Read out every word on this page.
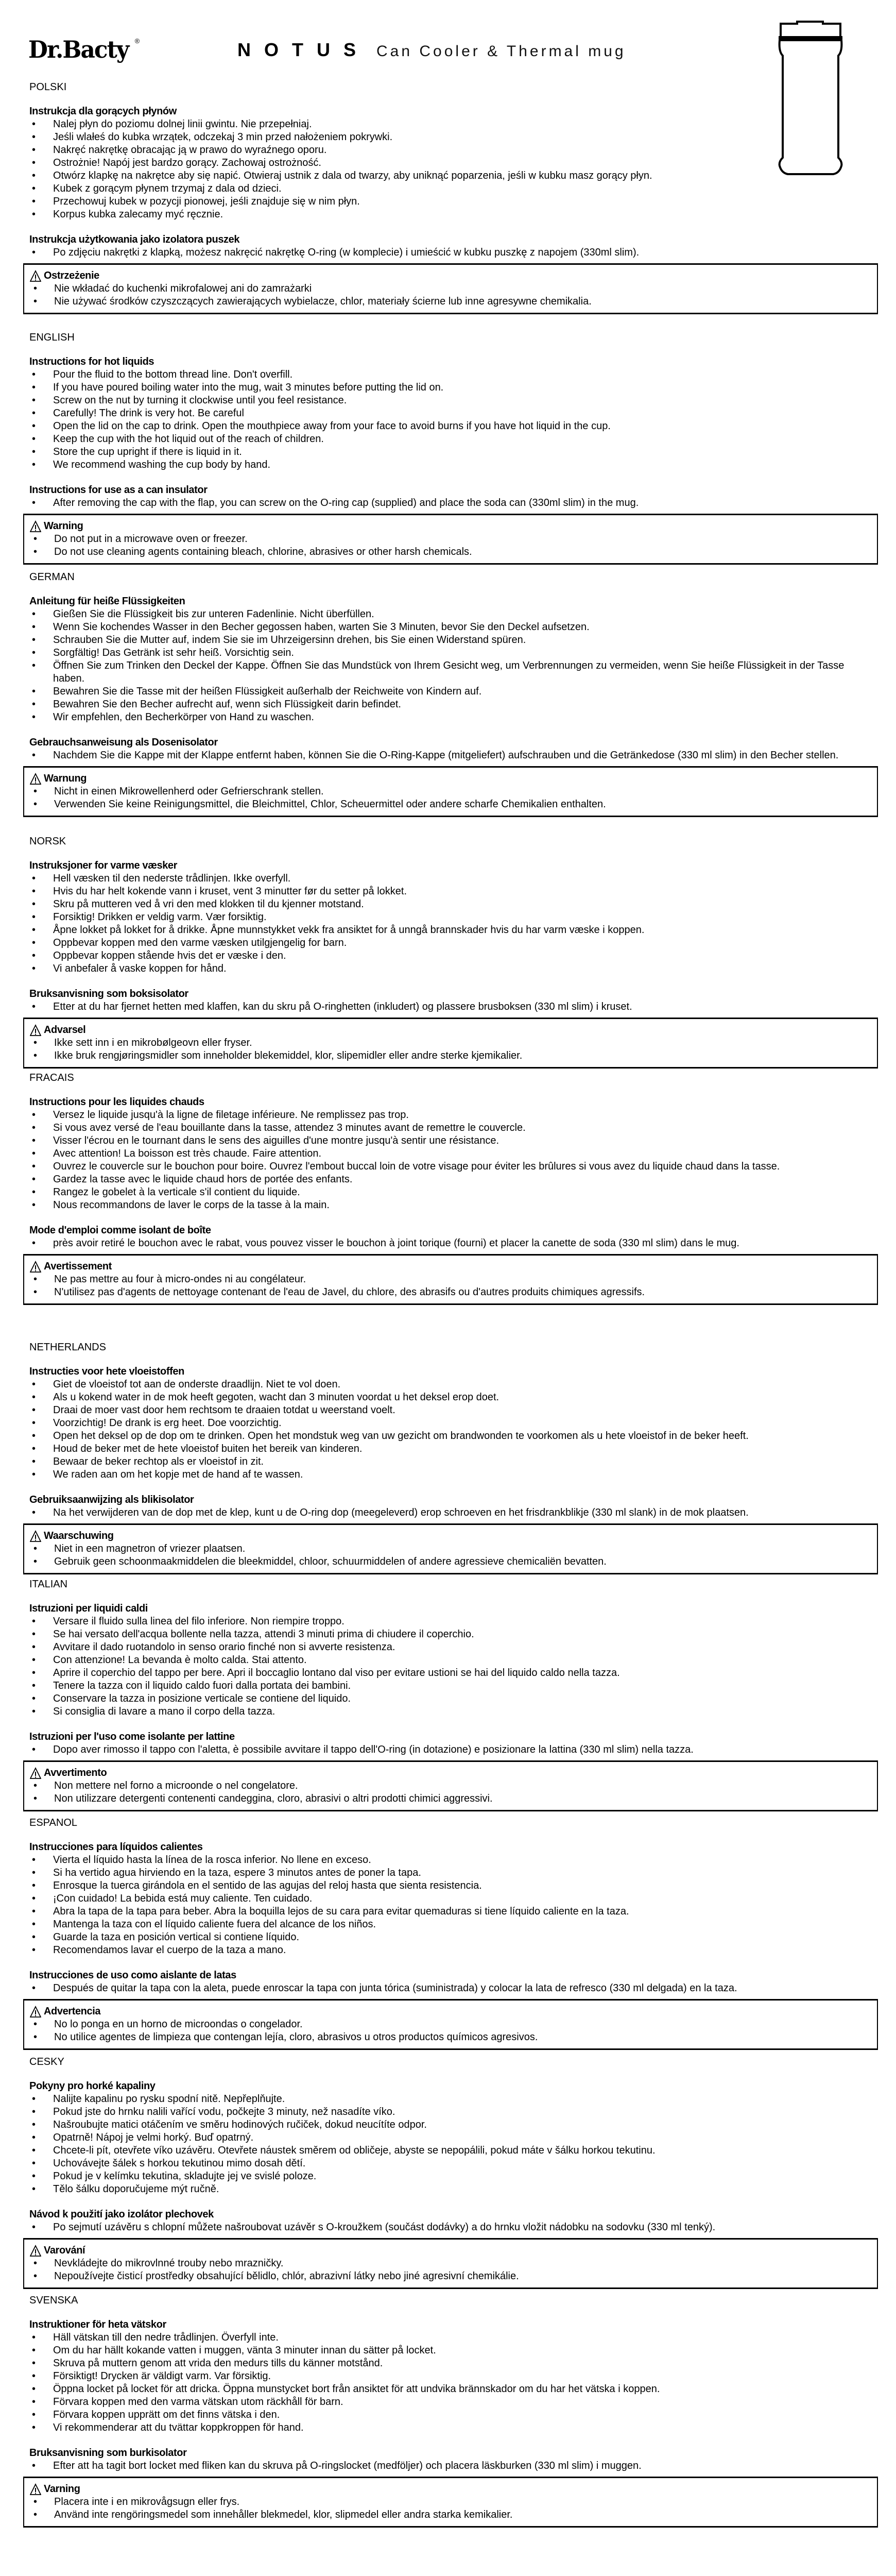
Dr.Bacty ®	NOTUS Can Cooler & Thermal mug
POLSKI
Instrukcja dla gorących płynów
• Nalej płyn do poziomu dolnej linii gwintu. Nie przepełniaj.
• Jeśli wlałeś do kubka wrzątek, odczekaj 3 min przed nałożeniem pokrywki.
• Nakręć nakrętkę obracając ją w prawo do wyraźnego oporu.
• Ostrożnie! Napój jest bardzo gorący. Zachowaj ostrożność.
• Otwórz klapkę na nakrętce aby się napić. Otwieraj ustnik z dala od twarzy, aby uniknąć poparzenia, jeśli w kubku masz gorący płyn.
• Kubek z gorącym płynem trzymaj z dala od dzieci.
• Przechowuj kubek w pozycji pionowej, jeśli znajduje się w nim płyn.
• Korpus kubka zalecamy myć ręcznie.
Instrukcja użytkowania jako izolatora puszek
• Po zdjęciu nakrętki z klapką, możesz nakręcić nakrętkę O-ring (w komplecie) i umieścić w kubku puszkę z napojem (330ml slim).
Ostrzeżenie
• Nie wkładać do kuchenki mikrofalowej ani do zamrażarki
• Nie używać środków czyszczących zawierających wybielacze, chlor, materiały ścierne lub inne agresywne chemikalia.
ENGLISH
Instructions for hot liquids
• Pour the fluid to the bottom thread line. Don't overfill.
• If you have poured boiling water into the mug, wait 3 minutes before putting the lid on.
• Screw on the nut by turning it clockwise until you feel resistance.
• Carefully! The drink is very hot. Be careful
• Open the lid on the cap to drink. Open the mouthpiece away from your face to avoid burns if you have hot liquid in the cup.
• Keep the cup with the hot liquid out of the reach of children.
• Store the cup upright if there is liquid in it.
• We recommend washing the cup body by hand.
Instructions for use as a can insulator
• After removing the cap with the flap, you can screw on the O-ring cap (supplied) and place the soda can (330ml slim) in the mug.
Warning
• Do not put in a microwave oven or freezer.
• Do not use cleaning agents containing bleach, chlorine, abrasives or other harsh chemicals.
GERMAN
Anleitung für heiße Flüssigkeiten
• Gießen Sie die Flüssigkeit bis zur unteren Fadenlinie. Nicht überfüllen.
• Wenn Sie kochendes Wasser in den Becher gegossen haben, warten Sie 3 Minuten, bevor Sie den Deckel aufsetzen.
• Schrauben Sie die Mutter auf, indem Sie sie im Uhrzeigersinn drehen, bis Sie einen Widerstand spüren.
• Sorgfältig! Das Getränk ist sehr heiß. Vorsichtig sein.
• Öffnen Sie zum Trinken den Deckel der Kappe. Öffnen Sie das Mundstück von Ihrem Gesicht weg, um Verbrennungen zu vermeiden, wenn Sie heiße Flüssigkeit in der Tasse haben.
• Bewahren Sie die Tasse mit der heißen Flüssigkeit außerhalb der Reichweite von Kindern auf.
• Bewahren Sie den Becher aufrecht auf, wenn sich Flüssigkeit darin befindet.
• Wir empfehlen, den Becherkörper von Hand zu waschen.
Gebrauchsanweisung als Dosenisolator
• Nachdem Sie die Kappe mit der Klappe entfernt haben, können Sie die O-Ring-Kappe (mitgeliefert) aufschrauben und die Getränkedose (330 ml slim) in den Becher stellen.
Warnung
• Nicht in einen Mikrowellenherd oder Gefrierschrank stellen.
• Verwenden Sie keine Reinigungsmittel, die Bleichmittel, Chlor, Scheuermittel oder andere scharfe Chemikalien enthalten.
NORSK
Instruksjoner for varme væsker
• Hell væsken til den nederste trådlinjen. Ikke overfyll.
• Hvis du har helt kokende vann i kruset, vent 3 minutter før du setter på lokket.
• Skru på mutteren ved å vri den med klokken til du kjenner motstand.
• Forsiktig! Drikken er veldig varm. Vær forsiktig.
• Åpne lokket på lokket for å drikke. Åpne munnstykket vekk fra ansiktet for å unngå brannskader hvis du har varm væske i koppen.
• Oppbevar koppen med den varme væsken utilgjengelig for barn.
• Oppbevar koppen stående hvis det er væske i den.
• Vi anbefaler å vaske koppen for hånd.
Bruksanvisning som boksisolator
• Etter at du har fjernet hetten med klaffen, kan du skru på O-ringhetten (inkludert) og plassere brusboksen (330 ml slim) i kruset.
Advarsel
• Ikke sett inn i en mikrobølgeovn eller fryser.
• Ikke bruk rengjøringsmidler som inneholder blekemiddel, klor, slipemidler eller andre sterke kjemikalier.
FRACAIS
Instructions pour les liquides chauds
• Versez le liquide jusqu'à la ligne de filetage inférieure. Ne remplissez pas trop.
• Si vous avez versé de l'eau bouillante dans la tasse, attendez 3 minutes avant de remettre le couvercle.
• Visser l'écrou en le tournant dans le sens des aiguilles d'une montre jusqu'à sentir une résistance.
• Avec attention! La boisson est très chaude. Faire attention.
• Ouvrez le couvercle sur le bouchon pour boire. Ouvrez l'embout buccal loin de votre visage pour éviter les brûlures si vous avez du liquide chaud dans la tasse.
• Gardez la tasse avec le liquide chaud hors de portée des enfants.
• Rangez le gobelet à la verticale s'il contient du liquide.
• Nous recommandons de laver le corps de la tasse à la main.
Mode d'emploi comme isolant de boîte
• près avoir retiré le bouchon avec le rabat, vous pouvez visser le bouchon à joint torique (fourni) et placer la canette de soda (330 ml slim) dans le mug.
Avertissement
• Ne pas mettre au four à micro-ondes ni au congélateur.
• N'utilisez pas d'agents de nettoyage contenant de l'eau de Javel, du chlore, des abrasifs ou d'autres produits chimiques agressifs.
NETHERLANDS
Instructies voor hete vloeistoffen
• Giet de vloeistof tot aan de onderste draadlijn. Niet te vol doen.
• Als u kokend water in de mok heeft gegoten, wacht dan 3 minuten voordat u het deksel erop doet.
• Draai de moer vast door hem rechtsom te draaien totdat u weerstand voelt.
• Voorzichtig! De drank is erg heet. Doe voorzichtig.
• Open het deksel op de dop om te drinken. Open het mondstuk weg van uw gezicht om brandwonden te voorkomen als u hete vloeistof in de beker heeft.
• Houd de beker met de hete vloeistof buiten het bereik van kinderen.
• Bewaar de beker rechtop als er vloeistof in zit.
• We raden aan om het kopje met de hand af te wassen.
Gebruiksaanwijzing als blikisolator
• Na het verwijderen van de dop met de klep, kunt u de O-ring dop (meegeleverd) erop schroeven en het frisdrankblikje (330 ml slank) in de mok plaatsen.
Waarschuwing
• Niet in een magnetron of vriezer plaatsen.
• Gebruik geen schoonmaakmiddelen die bleekmiddel, chloor, schuurmiddelen of andere agressieve chemicaliën bevatten.
ITALIAN
Istruzioni per liquidi caldi
• Versare il fluido sulla linea del filo inferiore. Non riempire troppo.
• Se hai versato dell'acqua bollente nella tazza, attendi 3 minuti prima di chiudere il coperchio.
• Avvitare il dado ruotandolo in senso orario finché non si avverte resistenza.
• Con attenzione! La bevanda è molto calda. Stai attento.
• Aprire il coperchio del tappo per bere. Apri il boccaglio lontano dal viso per evitare ustioni se hai del liquido caldo nella tazza.
• Tenere la tazza con il liquido caldo fuori dalla portata dei bambini.
• Conservare la tazza in posizione verticale se contiene del liquido.
• Si consiglia di lavare a mano il corpo della tazza.
Istruzioni per l'uso come isolante per lattine
• Dopo aver rimosso il tappo con l'aletta, è possibile avvitare il tappo dell'O-ring (in dotazione) e posizionare la lattina (330 ml slim) nella tazza.
Avvertimento
• Non mettere nel forno a microonde o nel congelatore.
• Non utilizzare detergenti contenenti candeggina, cloro, abrasivi o altri prodotti chimici aggressivi.
ESPANOL
Instrucciones para líquidos calientes
• Vierta el líquido hasta la línea de la rosca inferior. No llene en exceso.
• Si ha vertido agua hirviendo en la taza, espere 3 minutos antes de poner la tapa.
• Enrosque la tuerca girándola en el sentido de las agujas del reloj hasta que sienta resistencia.
• ¡Con cuidado! La bebida está muy caliente. Ten cuidado.
• Abra la tapa de la tapa para beber. Abra la boquilla lejos de su cara para evitar quemaduras si tiene líquido caliente en la taza.
• Mantenga la taza con el líquido caliente fuera del alcance de los niños.
• Guarde la taza en posición vertical si contiene líquido.
• Recomendamos lavar el cuerpo de la taza a mano.
Instrucciones de uso como aislante de latas
• Después de quitar la tapa con la aleta, puede enroscar la tapa con junta tórica (suministrada) y colocar la lata de refresco (330 ml delgada) en la taza.
Advertencia
• No lo ponga en un horno de microondas o congelador.
• No utilice agentes de limpieza que contengan lejía, cloro, abrasivos u otros productos químicos agresivos.
CESKY
Pokyny pro horké kapaliny
• Nalijte kapalinu po rysku spodní nitě. Nepřeplňujte.
• Pokud jste do hrnku nalili vařící vodu, počkejte 3 minuty, než nasadíte víko.
• Našroubujte matici otáčením ve směru hodinových ručiček, dokud neucítíte odpor.
• Opatrně! Nápoj je velmi horký. Buď opatrný.
• Chcete-li pít, otevřete víko uzávěru. Otevřete náustek směrem od obličeje, abyste se nepopálili, pokud máte v šálku horkou tekutinu.
• Uchovávejte šálek s horkou tekutinou mimo dosah dětí.
• Pokud je v kelímku tekutina, skladujte jej ve svislé poloze.
• Tělo šálku doporučujeme mýt ručně.
Návod k použití jako izolátor plechovek
• Po sejmutí uzávěru s chlopní můžete našroubovat uzávěr s O-kroužkem (součást dodávky) a do hrnku vložit nádobku na sodovku (330 ml tenký).
Varování
• Nevkládejte do mikrovlnné trouby nebo mrazničky.
• Nepoužívejte čisticí prostředky obsahující bělidlo, chlór, abrazivní látky nebo jiné agresivní chemikálie.
SVENSKA
Instruktioner för heta vätskor
• Häll vätskan till den nedre trådlinjen. Överfyll inte.
• Om du har hällt kokande vatten i muggen, vänta 3 minuter innan du sätter på locket.
• Skruva på muttern genom att vrida den medurs tills du känner motstånd.
• Försiktigt! Drycken är väldigt varm. Var försiktig.
• Öppna locket på locket för att dricka. Öppna munstycket bort från ansiktet för att undvika brännskador om du har het vätska i koppen.
• Förvara koppen med den varma vätskan utom räckhåll för barn.
• Förvara koppen upprätt om det finns vätska i den.
• Vi rekommenderar att du tvättar koppkroppen för hand.
Bruksanvisning som burkisolator
• Efter att ha tagit bort locket med fliken kan du skruva på O-ringslocket (medföljer) och placera läskburken (330 ml slim) i muggen.
Varning
• Placera inte i en mikrovågsugn eller frys.
• Använd inte rengöringsmedel som innehåller blekmedel, klor, slipmedel eller andra starka kemikalier.
